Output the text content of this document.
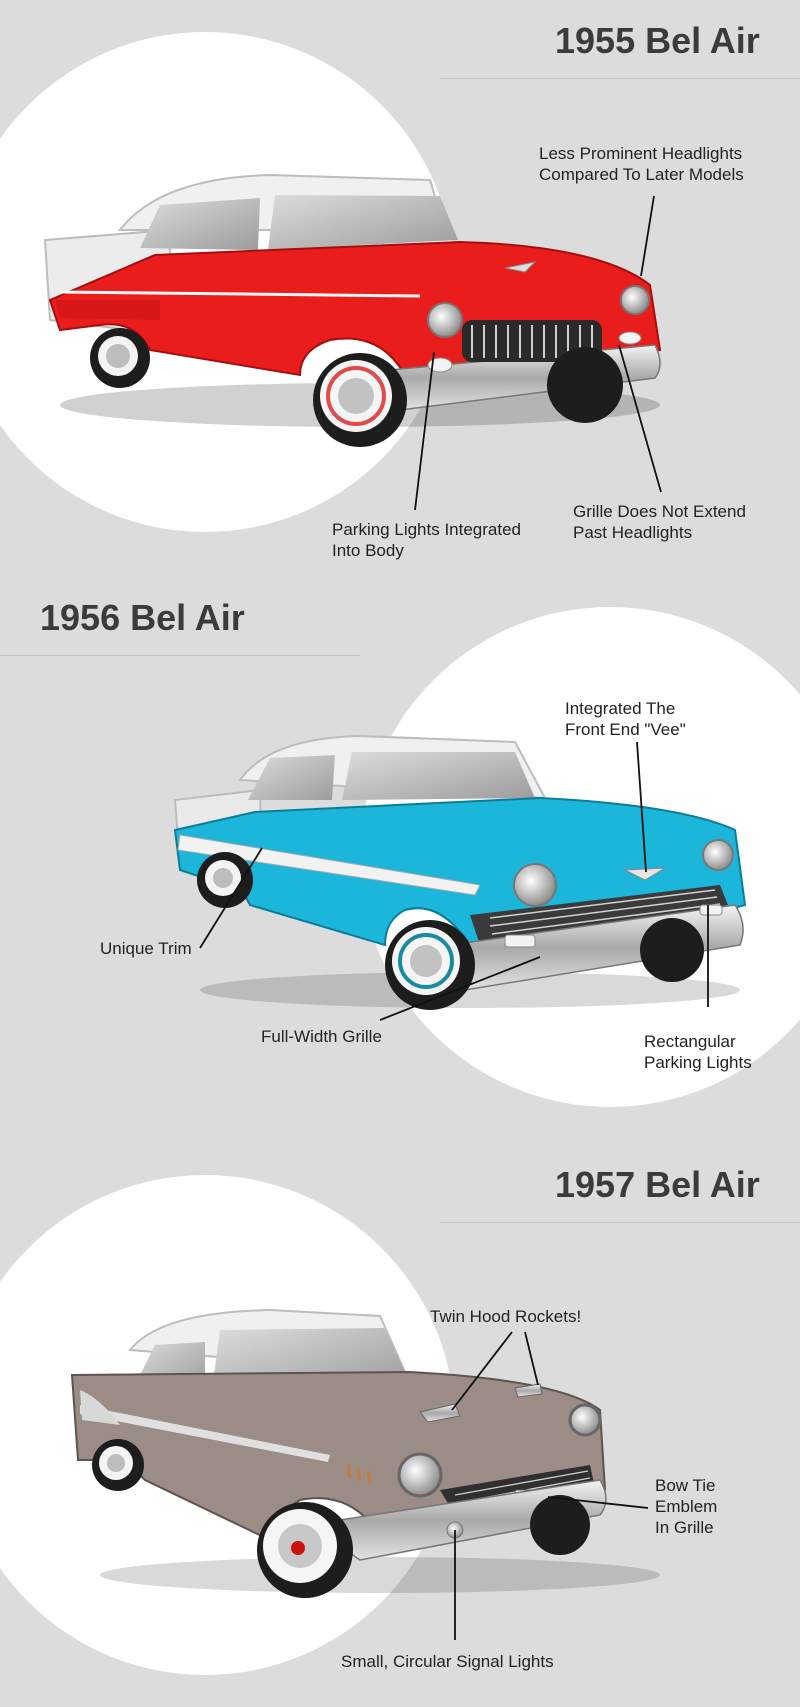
1955 Bel Air
Less Prominent Headlights
Compared To Later Models
Parking Lights Integrated
Into Body
Grille Does Not Extend
Past Headlights
1956 Bel Air
Integrated The
Front End "Vee"
Unique Trim
Full-Width Grille	Rectangular
Parking Lights
1957 Bel Air
Twin Hood Rockets!
Bow Tie
Emblem
In Grille
Small, Circular Signal Lights
